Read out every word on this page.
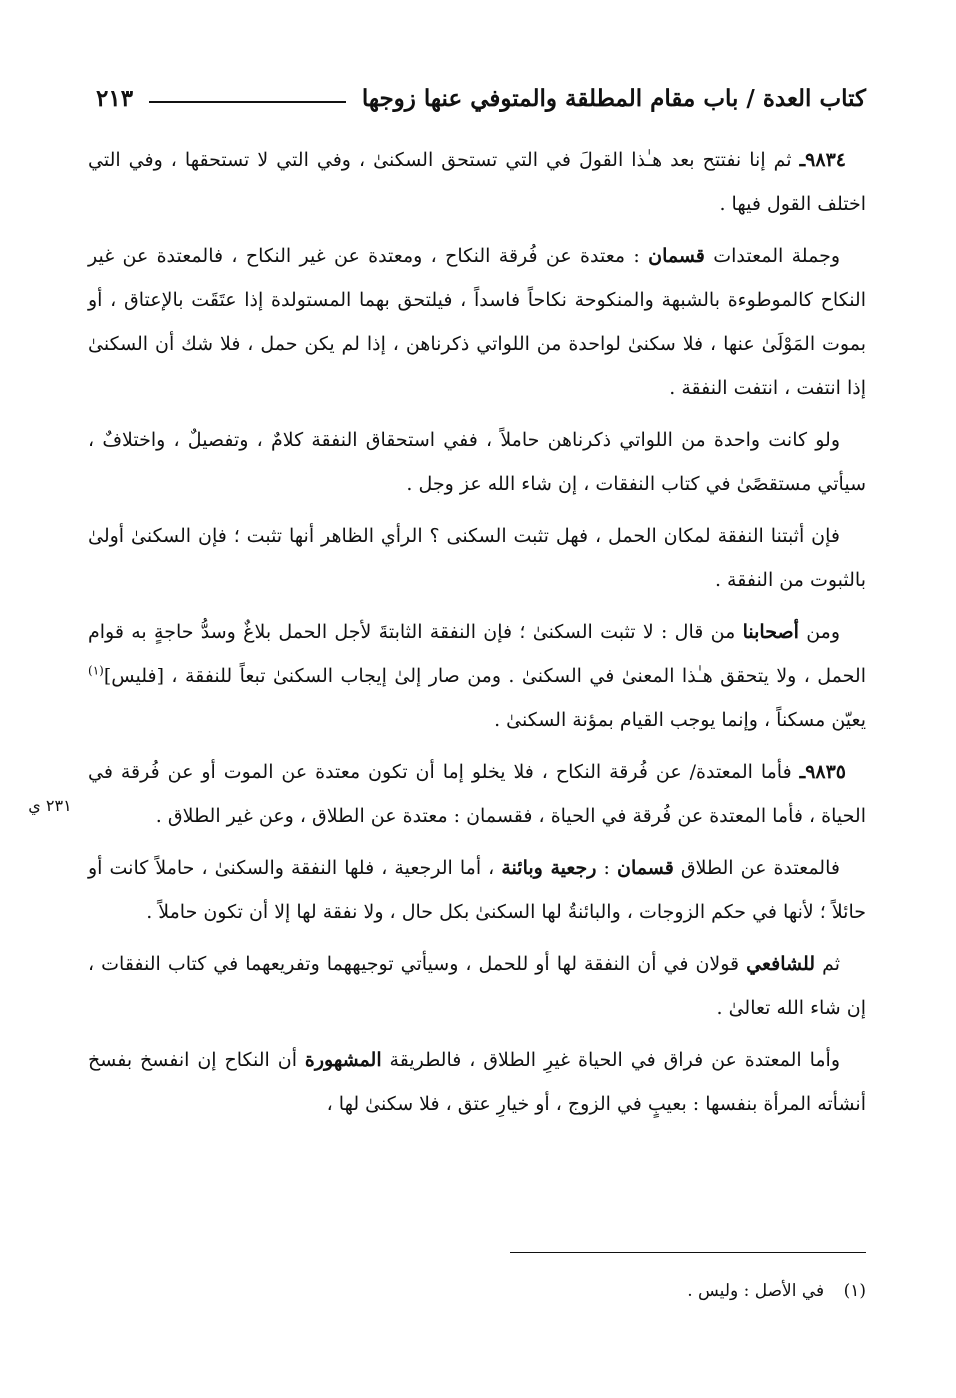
كتاب العدة / باب مقام المطلقة والمتوفي عنها زوجها
٢١٣
٢٣١ ي

٩٨٣٤ـ ثم إنا نفتتح بعد هـٰذا القولَ في التي تستحق السكنىٰ ، وفي التي لا تستحقها ، وفي التي اختلف القول فيها .

وجملة المعتدات قسمان : معتدة عن فُرقة النكاح ، ومعتدة عن غير النكاح ، فالمعتدة عن غير النكاح كالموطوءة بالشبهة والمنكوحة نكاحاً فاسداً ، فيلتحق بهما المستولدة إذا عتَقَت بالإعتاق ، أو بموت المَوْلَىٰ عنها ، فلا سكنىٰ لواحدة من اللواتي ذكرناهن ، إذا لم يكن حمل ، فلا شك أن السكنىٰ إذا انتفت ، انتفت النفقة .

ولو كانت واحدة من اللواتي ذكرناهن حاملاً ، ففي استحقاق النفقة كلامٌ ، وتفصيلٌ ، واختلافٌ ، سيأتي مستقصًىٰ في كتاب النفقات ، إن شاء الله عز وجل .

فإن أثبتنا النفقة لمكان الحمل ، فهل تثبت السكنى ؟ الرأي الظاهر أنها تثبت ؛ فإن السكنىٰ أولىٰ بالثبوت من النفقة .

ومن أصحابنا من قال : لا تثبت السكنىٰ ؛ فإن النفقة الثابتةَ لأجل الحمل بلاغٌ وسدُّ حاجةٍ به قوام الحمل ، ولا يتحقق هـٰذا المعنىٰ في السكنىٰ . ومن صار إلىٰ إيجاب السكنىٰ تبعاً للنفقة ، [فليس]$^{(١)}$ يعيّن مسكناً ، وإنما يوجب القيام بمؤنة السكنىٰ .

٩٨٣٥ـ فأما المعتدة/ عن فُرقة النكاح ، فلا يخلو إما أن تكون معتدة عن الموت أو عن فُرقة في الحياة ، فأما المعتدة عن فُرقة في الحياة ، فقسمان : معتدة عن الطلاق ، وعن غير الطلاق .

فالمعتدة عن الطلاق قسمان : رجعية وبائنة ، أما الرجعية ، فلها النفقة والسكنىٰ ، حاملاً كانت أو حائلاً ؛ لأنها في حكم الزوجات ، والبائنةُ لها السكنىٰ بكل حال ، ولا نفقة لها إلا أن تكون حاملاً .

ثم للشافعي قولان في أن النفقة لها أو للحمل ، وسيأتي توجيههما وتفريعهما في كتاب النفقات ، إن شاء الله تعالىٰ .

وأما المعتدة عن فراق في الحياة غيرِ الطلاق ، فالطريقة المشهورة أن النكاح إن انفسخ بفسخ أنشأته المرأة بنفسها : بعيبٍ في الزوج ، أو خيارِ عتق ، فلا سكنىٰ لها ،

(١) في الأصل : وليس .
